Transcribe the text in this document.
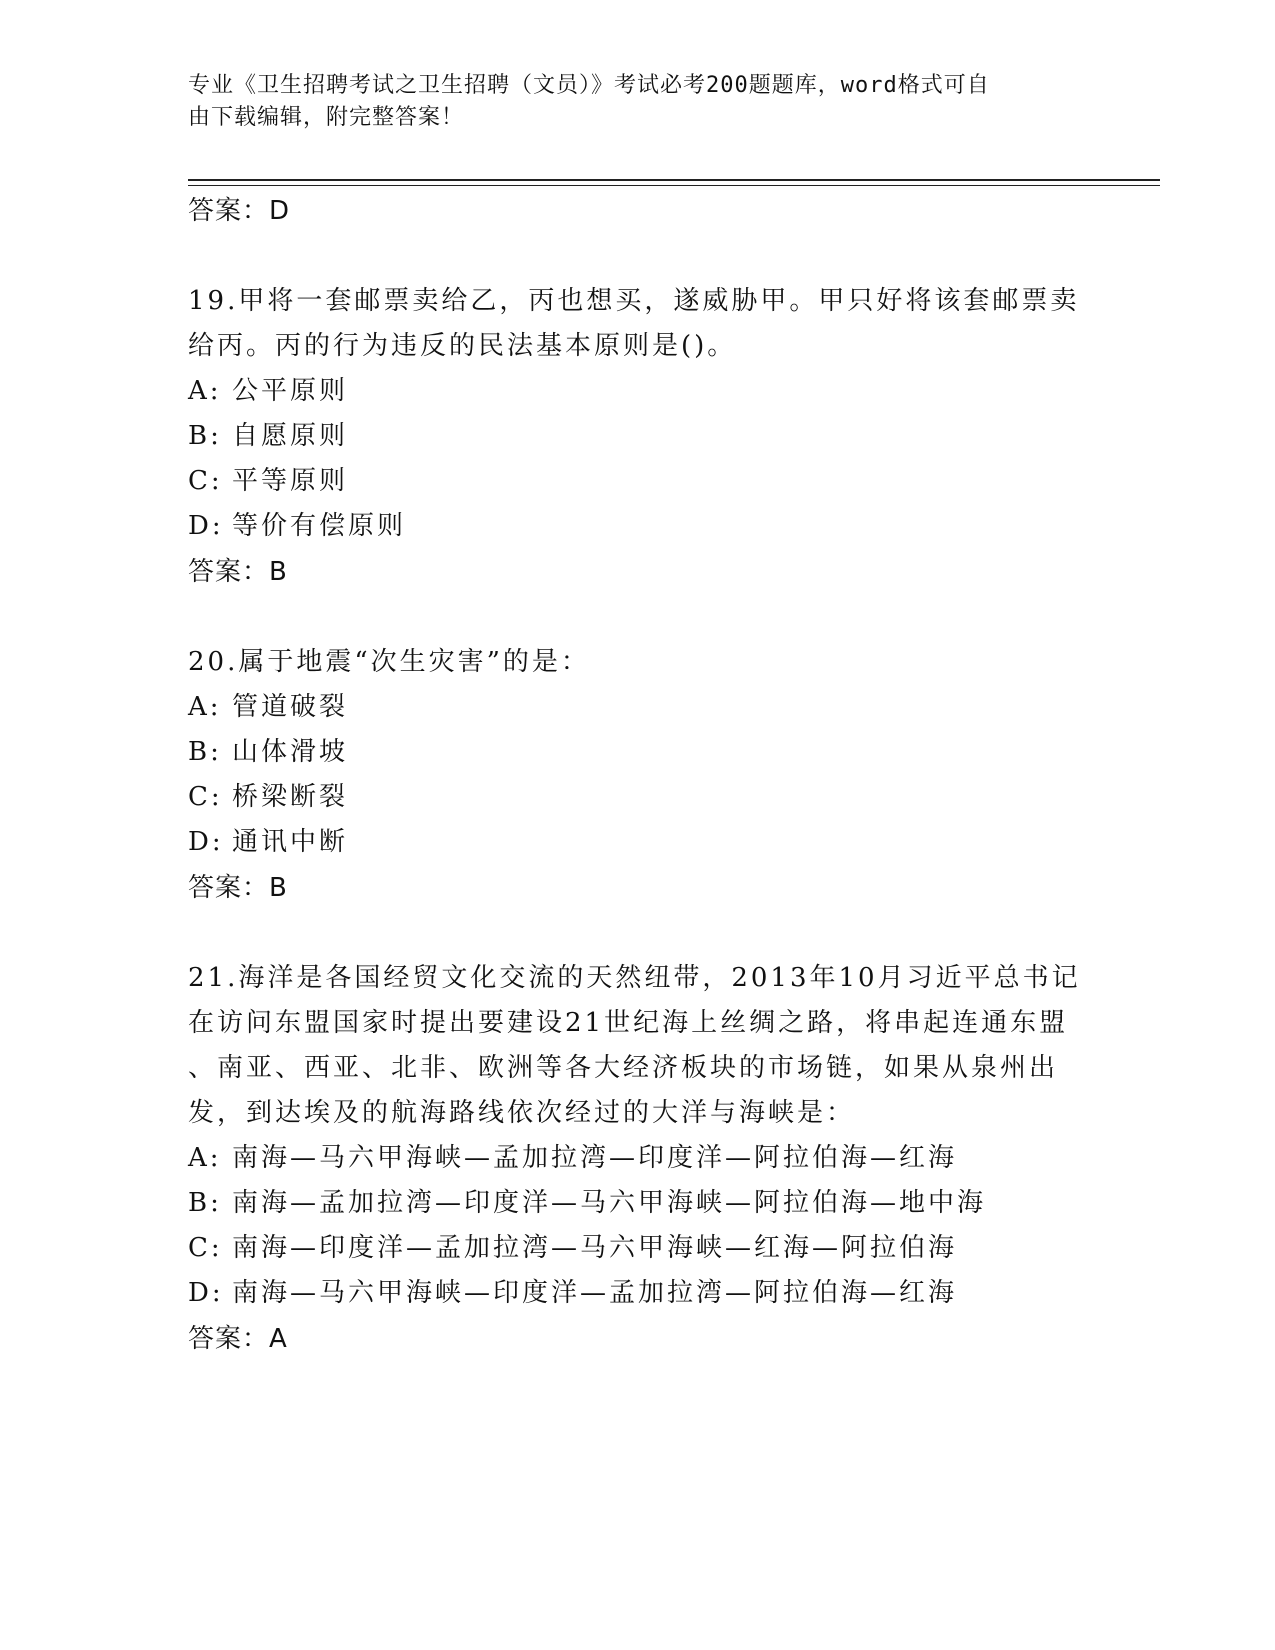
专业《卫生招聘考试之卫生招聘（文员）》考试必考200题题库，word格式可自
由下载编辑，附完整答案！
答案：D
19.甲将一套邮票卖给乙，丙也想买，遂威胁甲。甲只好将该套邮票卖
给丙。丙的行为违反的民法基本原则是()。
A: 公平原则
B: 自愿原则
C: 平等原则
D: 等价有偿原则
答案：B
20.属于地震“次生灾害”的是：
A: 管道破裂
B: 山体滑坡
C: 桥梁断裂
D: 通讯中断
答案：B
21.海洋是各国经贸文化交流的天然纽带，2013年10月习近平总书记
在访问东盟国家时提出要建设21世纪海上丝绸之路，将串起连通东盟
、南亚、西亚、北非、欧洲等各大经济板块的市场链，如果从泉州出
发，到达埃及的航海路线依次经过的大洋与海峡是：
A: 南海—马六甲海峡—孟加拉湾—印度洋—阿拉伯海—红海
B: 南海—孟加拉湾—印度洋—马六甲海峡—阿拉伯海—地中海
C: 南海—印度洋—孟加拉湾—马六甲海峡—红海—阿拉伯海
D: 南海—马六甲海峡—印度洋—孟加拉湾—阿拉伯海—红海
答案：A
